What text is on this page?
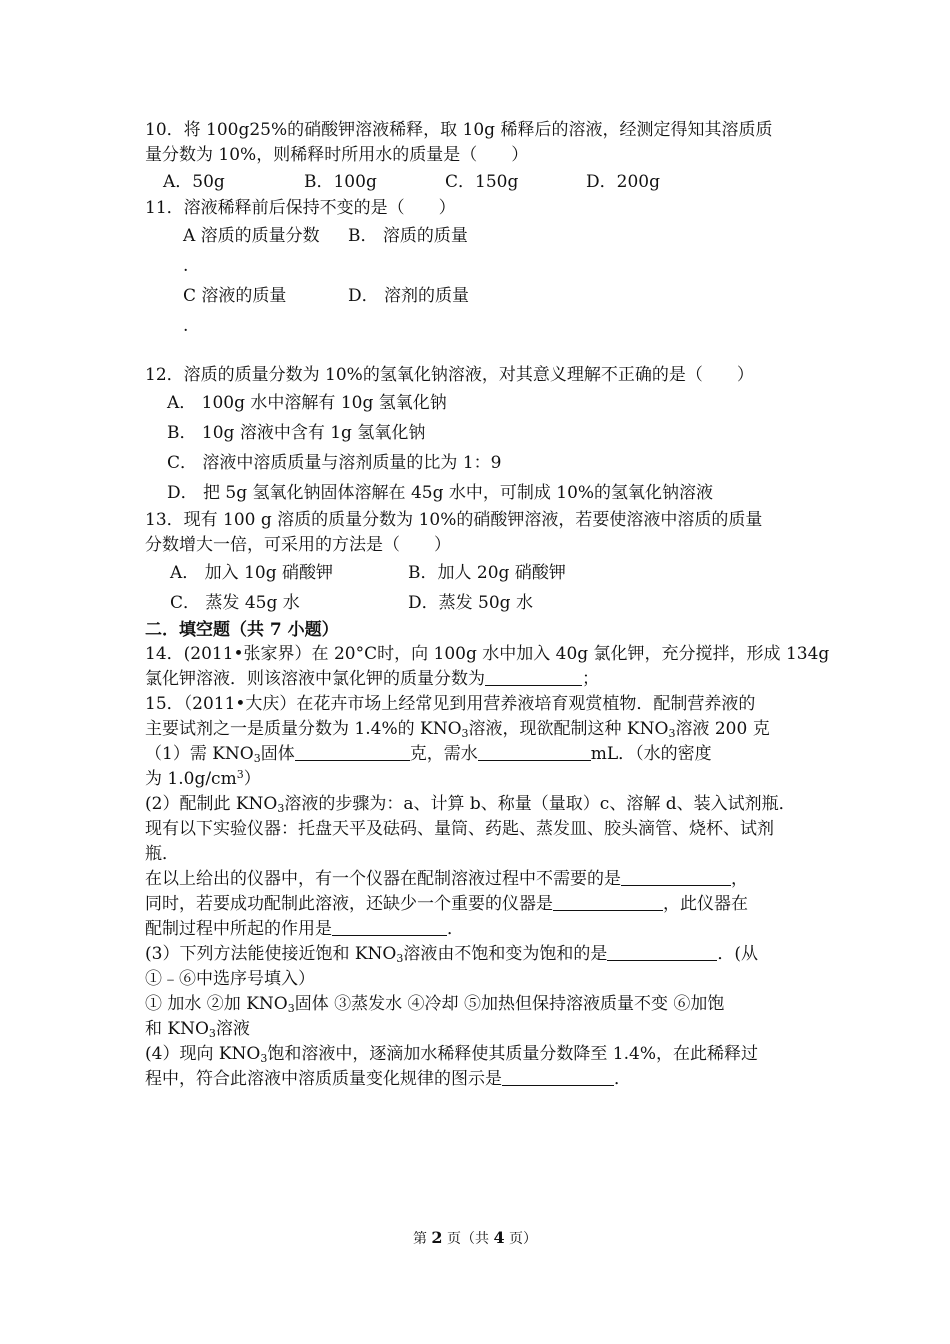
10．将 100g25%的硝酸钾溶液稀释，取 10g 稀释后的溶液，经测定得知其溶质质
量分数为 10%，则稀释时所用水的质量是（　　）
A．50g	B．100g	C．150g	D．200g
11．溶液稀释前后保持不变的是（　　）
A 溶质的质量分数	B． 溶质的质量
.
C 溶液的质量	D． 溶剂的质量
.
12．溶质的质量分数为 10%的氢氧化钠溶液，对其意义理解不正确的是（　　）
A． 100g 水中溶解有 10g 氢氧化钠
B． 10g 溶液中含有 1g 氢氧化钠
C． 溶液中溶质质量与溶剂质量的比为 1：9
D． 把 5g 氢氧化钠固体溶解在 45g 水中，可制成 10%的氢氧化钠溶液
13．现有 100 g 溶质的质量分数为 10%的硝酸钾溶液，若要使溶液中溶质的质量
分数增大一倍，可采用的方法是（　　）
A． 加入 10g 硝酸钾	B．加人 20g 硝酸钾
C． 蒸发 45g 水	D．蒸发 50g 水
二．填空题（共 7 小题）
14．(2011•张家界）在 20°C时，向 100g 水中加入 40g 氯化钾，充分搅拌，形成 134g
氯化钾溶液．则该溶液中氯化钾的质量分数为	；
15．（2011•大庆）在花卉市场上经常见到用营养液培育观赏植物．配制营养液的
主要试剂之一是质量分数为 1.4%的 $KNO_3$溶液，现欲配制这种 $KNO_3$溶液 200 克
（1）需 $KNO_3$固体	克，需水	mL．（水的密度
为 $1.0g/cm^3$）
(2）配制此 $KNO_3$溶液的步骤为：a、计算 b、称量（量取）c、溶解 d、装入试剂瓶．
现有以下实验仪器：托盘天平及砝码、量筒、药匙、蒸发皿、胶头滴管、烧杯、试剂
瓶．
在以上给出的仪器中，有一个仪器在配制溶液过程中不需要的是	，
同时，若要成功配制此溶液，还缺少一个重要的仪器是	，此仪器在
配制过程中所起的作用是	．
(3）下列方法能使接近饱和 $KNO_3$溶液由不饱和变为饱和的是	．(从
①﹣⑥中选序号填入）
① 加水 ②加 $KNO_3$固体 ③蒸发水 ④冷却 ⑤加热但保持溶液质量不变 ⑥加饱
和 $KNO_3$溶液
(4）现向 $KNO_3$饱和溶液中，逐滴加水稀释使其质量分数降至 1.4%，在此稀释过
程中，符合此溶液中溶质质量变化规律的图示是	．
第 2 页（共 4 页）
